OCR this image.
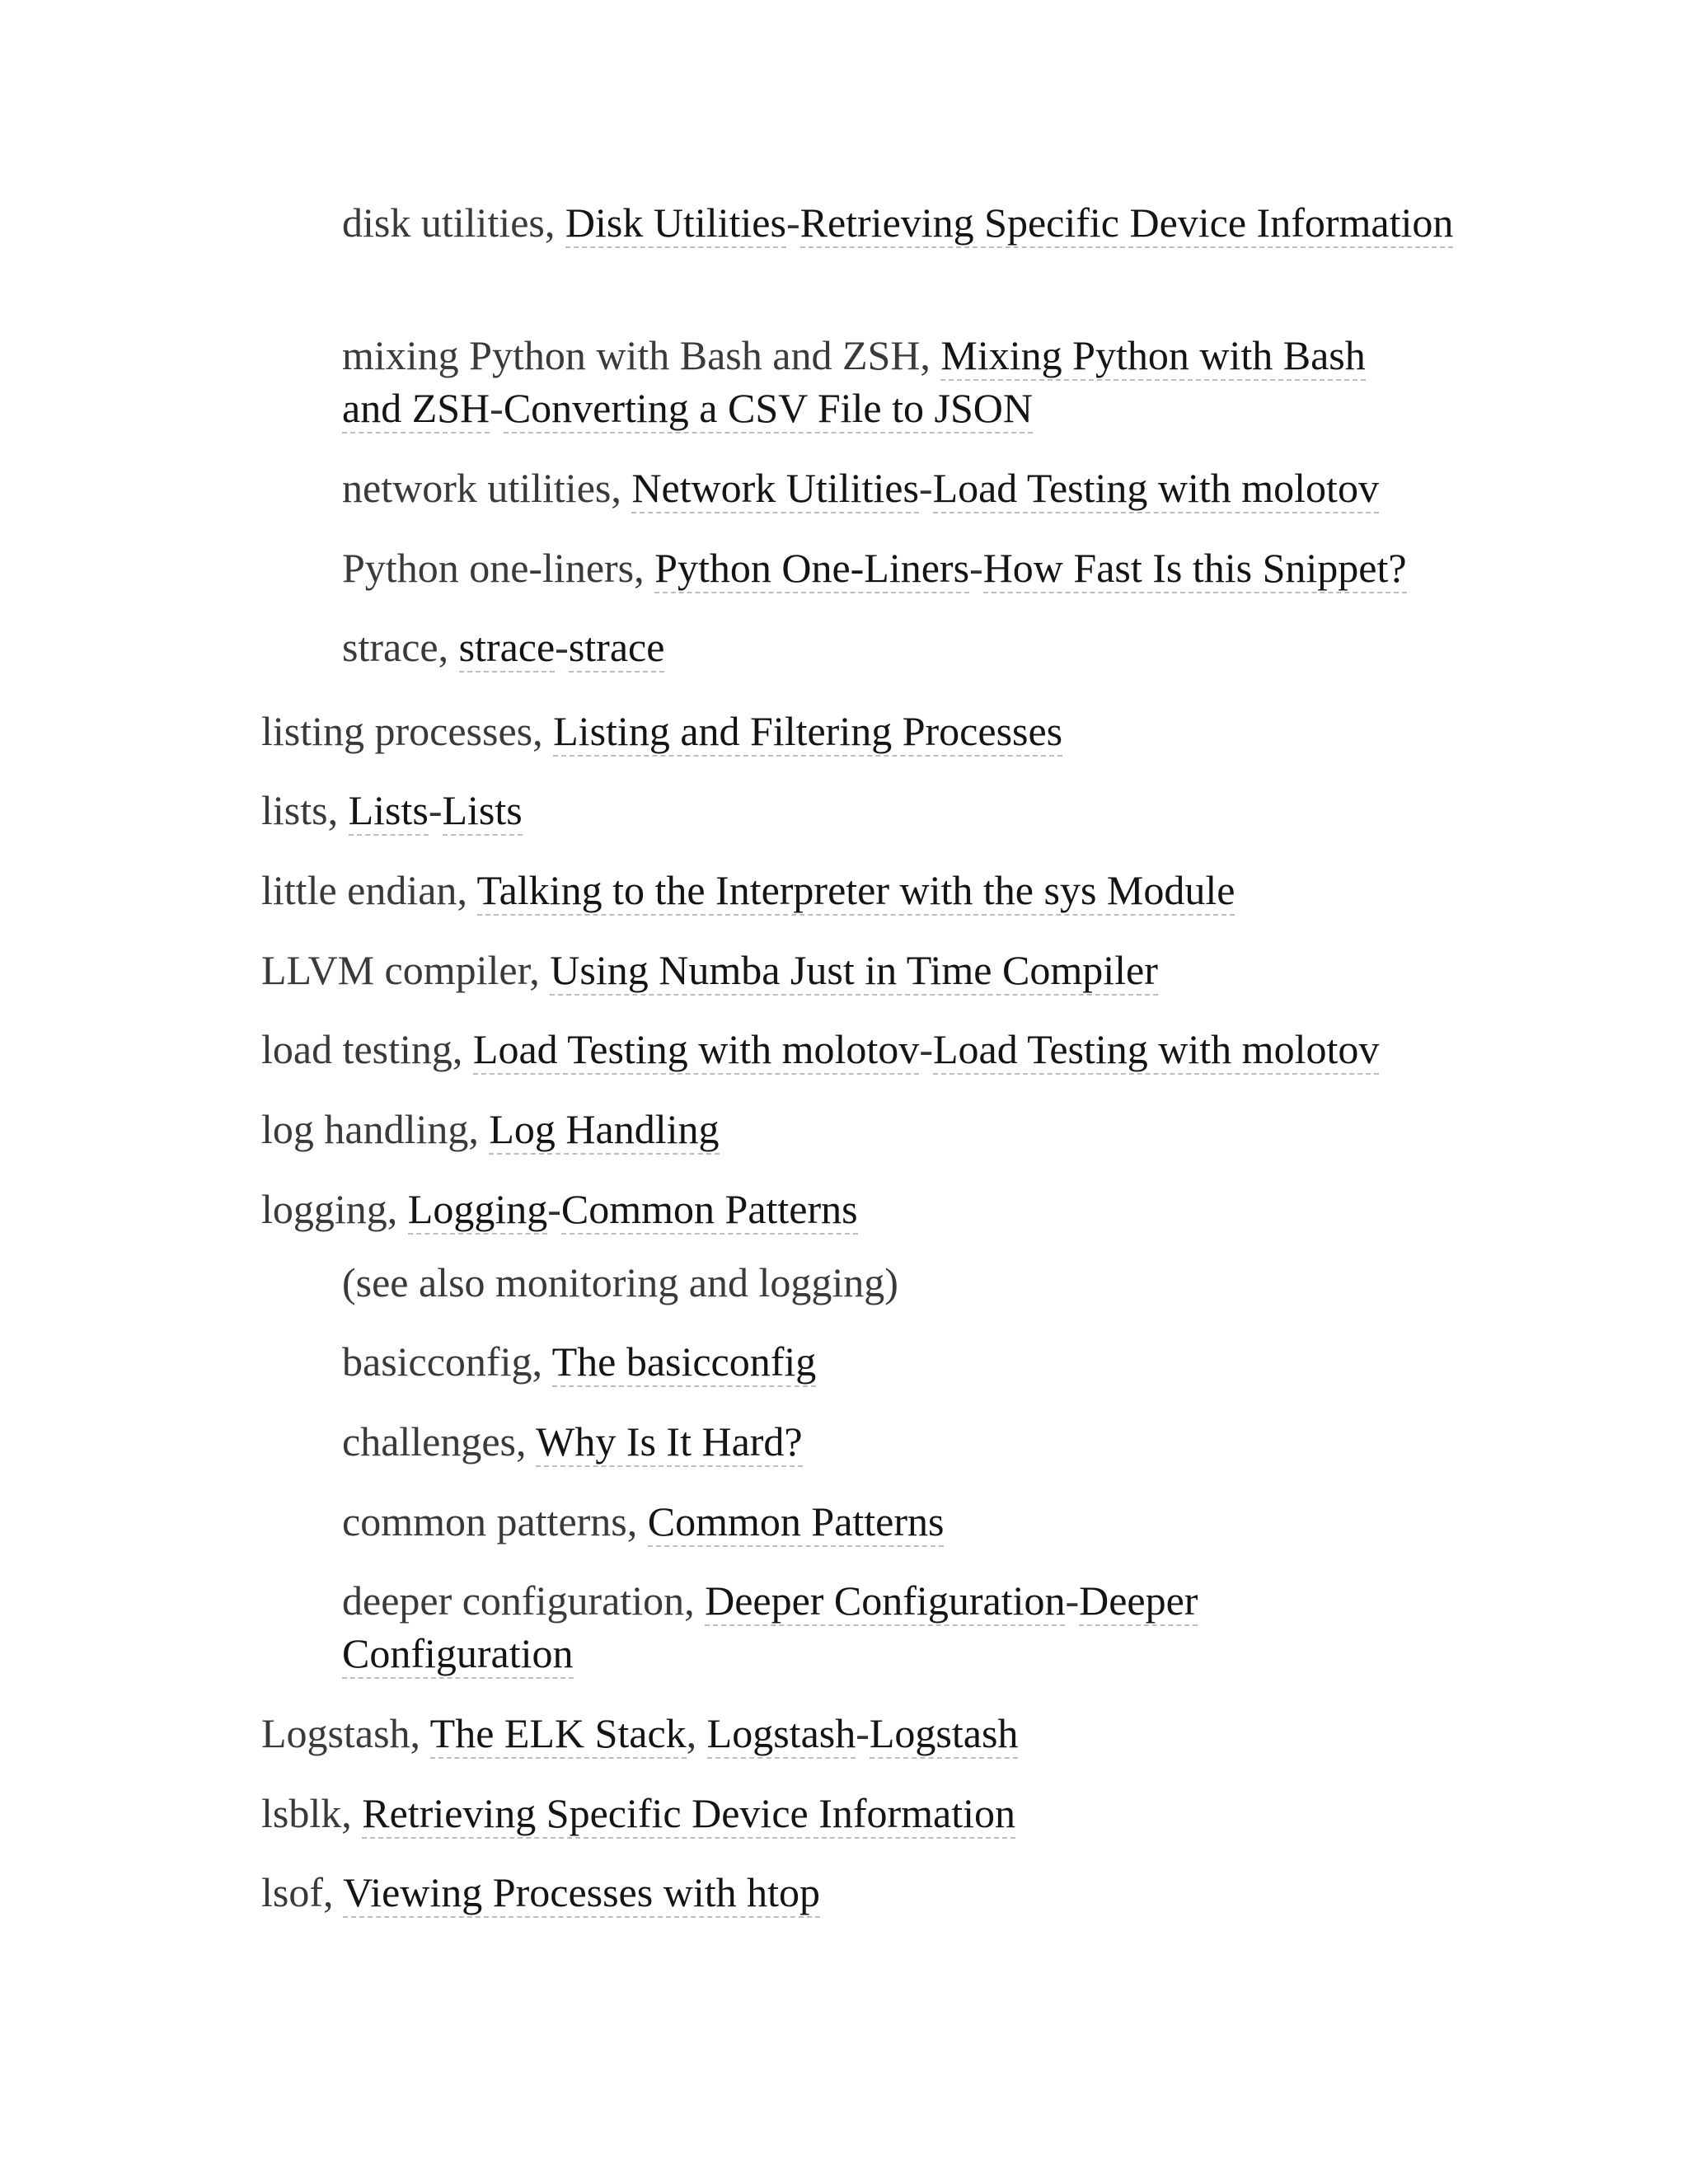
disk utilities, Disk Utilities-Retrieving Specific Device Information
mixing Python with Bash and ZSH, Mixing Python with Bash and ZSH-Converting a CSV File to JSON
network utilities, Network Utilities-Load Testing with molotov
Python one-liners, Python One-Liners-How Fast Is this Snippet?
strace, strace-strace
listing processes, Listing and Filtering Processes
lists, Lists-Lists
little endian, Talking to the Interpreter with the sys Module
LLVM compiler, Using Numba Just in Time Compiler
load testing, Load Testing with molotov-Load Testing with molotov
log handling, Log Handling
logging, Logging-Common Patterns
(see also monitoring and logging)
basicconfig, The basicconfig
challenges, Why Is It Hard?
common patterns, Common Patterns
deeper configuration, Deeper Configuration-Deeper Configuration
Logstash, The ELK Stack, Logstash-Logstash
lsblk, Retrieving Specific Device Information
lsof, Viewing Processes with htop
